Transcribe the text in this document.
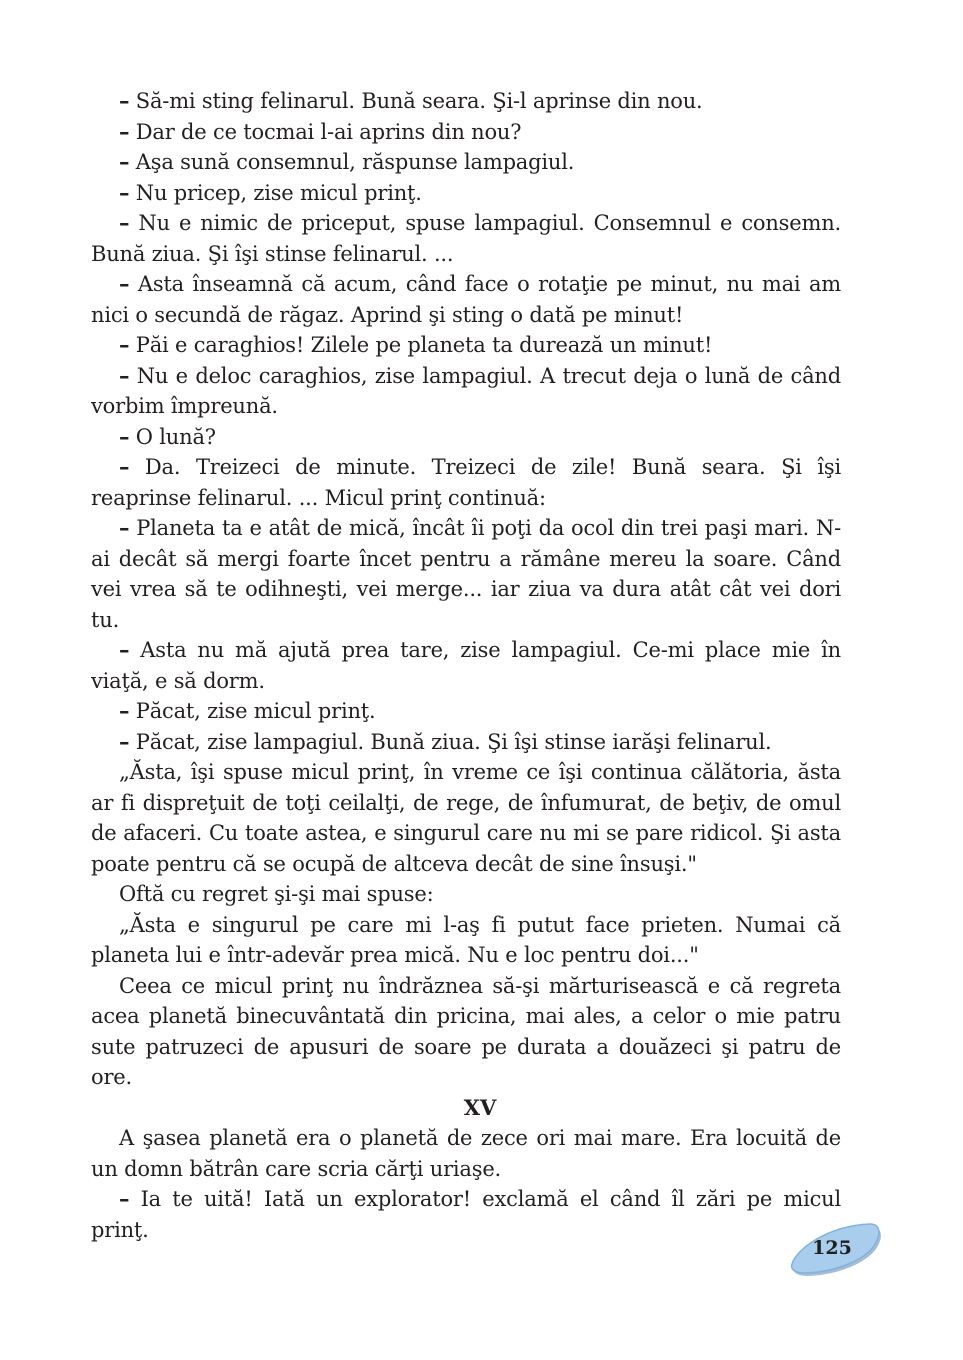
– Să-mi sting felinarul. Bună seara. Şi-l aprinse din nou.

– Dar de ce tocmai l-ai aprins din nou?

– Aşa sună consemnul, răspunse lampagiul.

– Nu pricep, zise micul prinţ.

– Nu e nimic de priceput, spuse lampagiul. Consemnul e consemn. Bună ziua. Şi îşi stinse felinarul. ...

– Asta înseamnă că acum, când face o rotaţie pe minut, nu mai am nici o secundă de răgaz. Aprind şi sting o dată pe minut!

– Păi e caraghios! Zilele pe planeta ta durează un minut!

– Nu e deloc caraghios, zise lampagiul. A trecut deja o lună de când vorbim împreună.

– O lună?

– Da. Treizeci de minute. Treizeci de zile! Bună seara. Şi îşi reaprinse felinarul. ... Micul prinţ continuă:

– Planeta ta e atât de mică, încât îi poţi da ocol din trei paşi mari. N-ai decât să mergi foarte încet pentru a rămâne mereu la soare. Când vei vrea să te odihneşti, vei merge... iar ziua va dura atât cât vei dori tu.

– Asta nu mă ajută prea tare, zise lampagiul. Ce-mi place mie în viaţă, e să dorm.

– Păcat, zise micul prinţ.

– Păcat, zise lampagiul. Bună ziua. Şi îşi stinse iarăşi felinarul.

„Ăsta, îşi spuse micul prinţ, în vreme ce îşi continua călătoria, ăsta ar fi dispreţuit de toţi ceilalţi, de rege, de înfumurat, de beţiv, de omul de afaceri. Cu toate astea, e singurul care nu mi se pare ridicol. Şi asta poate pentru că se ocupă de altceva decât de sine însuşi."

Oftă cu regret şi-şi mai spuse:

„Ăsta e singurul pe care mi l-aş fi putut face prieten. Numai că planeta lui e într-adevăr prea mică. Nu e loc pentru doi..."

Ceea ce micul prinţ nu îndrăznea să-şi mărturisească e că regreta acea planetă binecuvântată din pricina, mai ales, a celor o mie patru sute patruzeci de apusuri de soare pe durata a douăzeci şi patru de ore.

XV

A şasea planetă era o planetă de zece ori mai mare. Era locuită de un domn bătrân care scria cărţi uriaşe.

– Ia te uită! Iată un explorator! exclamă el când îl zări pe micul prinţ.

125
